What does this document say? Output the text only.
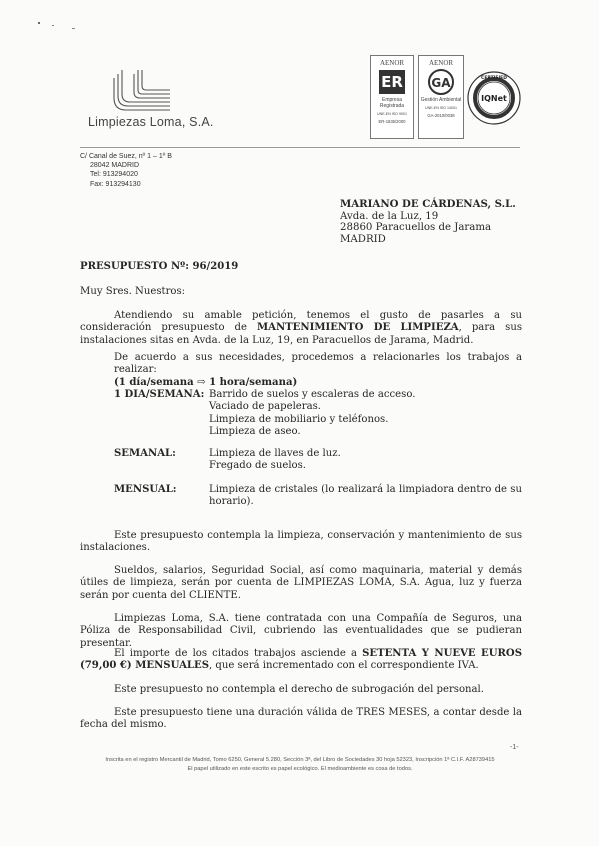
Limpiezas Loma, S.A.
AENOR
ER
Empresa Registrada
UNE-EN ISO 9001
ER-1636/2000
AENOR
GA
Gestión Ambiental
UNE-EN ISO 14001
GA-2010/0038
IQNet
CERTIFIED
C/ Canal de Suez, nº 1 – 1º B
28042 MADRID
Tel: 913294020
Fax: 913294130
MARIANO DE CÁRDENAS, S.L.
Avda. de la Luz, 19
28860 Paracuellos de Jarama
MADRID
PRESUPUESTO Nº: 96/2019
Muy Sres. Nuestros:
Atendiendo su amable petición, tenemos el gusto de pasarles a su consideración presupuesto de MANTENIMIENTO DE LIMPIEZA, para sus instalaciones sitas en Avda. de la Luz, 19, en Paracuellos de Jarama, Madrid.
De acuerdo a sus necesidades, procedemos a relacionarles los trabajos a realizar:
(1 día/semana ⇨ 1 hora/semana)
1 DIA/SEMANA: Barrido de suelos y escaleras de acceso.
Vaciado de papeleras.
Limpieza de mobiliario y teléfonos.
Limpieza de aseo.
SEMANAL:	Limpieza de llaves de luz.
Fregado de suelos.
MENSUAL:	Limpieza de cristales (lo realizará la limpiadora dentro de su horario).
Este presupuesto contempla la limpieza, conservación y mantenimiento de sus instalaciones.
Sueldos, salarios, Seguridad Social, así como maquinaria, material y demás útiles de limpieza, serán por cuenta de LIMPIEZAS LOMA, S.A. Agua, luz y fuerza serán por cuenta del CLIENTE.
Limpiezas Loma, S.A. tiene contratada con una Compañía de Seguros, una Póliza de Responsabilidad Civil, cubriendo las eventualidades que se pudieran presentar.
El importe de los citados trabajos asciende a SETENTA Y NUEVE EUROS (79,00 €) MENSUALES, que será incrementado con el correspondiente IVA.
Este presupuesto no contempla el derecho de subrogación del personal.
Este presupuesto tiene una duración válida de TRES MESES, a contar desde la fecha del mismo.
-1-
Inscrita en el registro Mercantil de Madrid, Tomo 6250, General 5.280, Sección 3ª, del Libro de Sociedades 30 hoja 52323, Inscripción 1ª C.I.F. A28739415
El papel utilizado en este escrito es papel ecológico. El medioambiente es cosa de todos.
